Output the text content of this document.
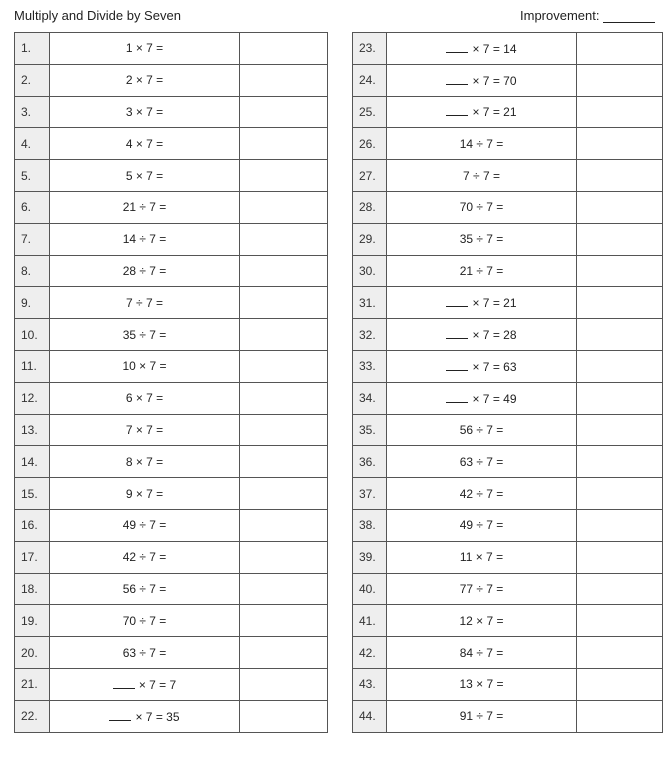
Multiply and Divide by Seven	Improvement:
1.	1 × 7 =	
2.	2 × 7 =	
3.	3 × 7 =	
4.	4 × 7 =	
5.	5 × 7 =	
6.	21 ÷ 7 =	
7.	14 ÷ 7 =	
8.	28 ÷ 7 =	
9.	7 ÷ 7 =	
10.	35 ÷ 7 =	
11.	10 × 7 =	
12.	6 × 7 =	
13.	7 × 7 =	
14.	8 × 7 =	
15.	9 × 7 =	
16.	49 ÷ 7 =	
17.	42 ÷ 7 =	
18.	56 ÷ 7 =	
19.	70 ÷ 7 =	
20.	63 ÷ 7 =	
21.	× 7 = 7	
22.	× 7 = 35	
23.	× 7 = 14	
24.	× 7 = 70	
25.	× 7 = 21	
26.	14 ÷ 7 =	
27.	7 ÷ 7 =	
28.	70 ÷ 7 =	
29.	35 ÷ 7 =	
30.	21 ÷ 7 =	
31.	× 7 = 21	
32.	× 7 = 28	
33.	× 7 = 63	
34.	× 7 = 49	
35.	56 ÷ 7 =	
36.	63 ÷ 7 =	
37.	42 ÷ 7 =	
38.	49 ÷ 7 =	
39.	11 × 7 =	
40.	77 ÷ 7 =	
41.	12 × 7 =	
42.	84 ÷ 7 =	
43.	13 × 7 =	
44.	91 ÷ 7 =	
